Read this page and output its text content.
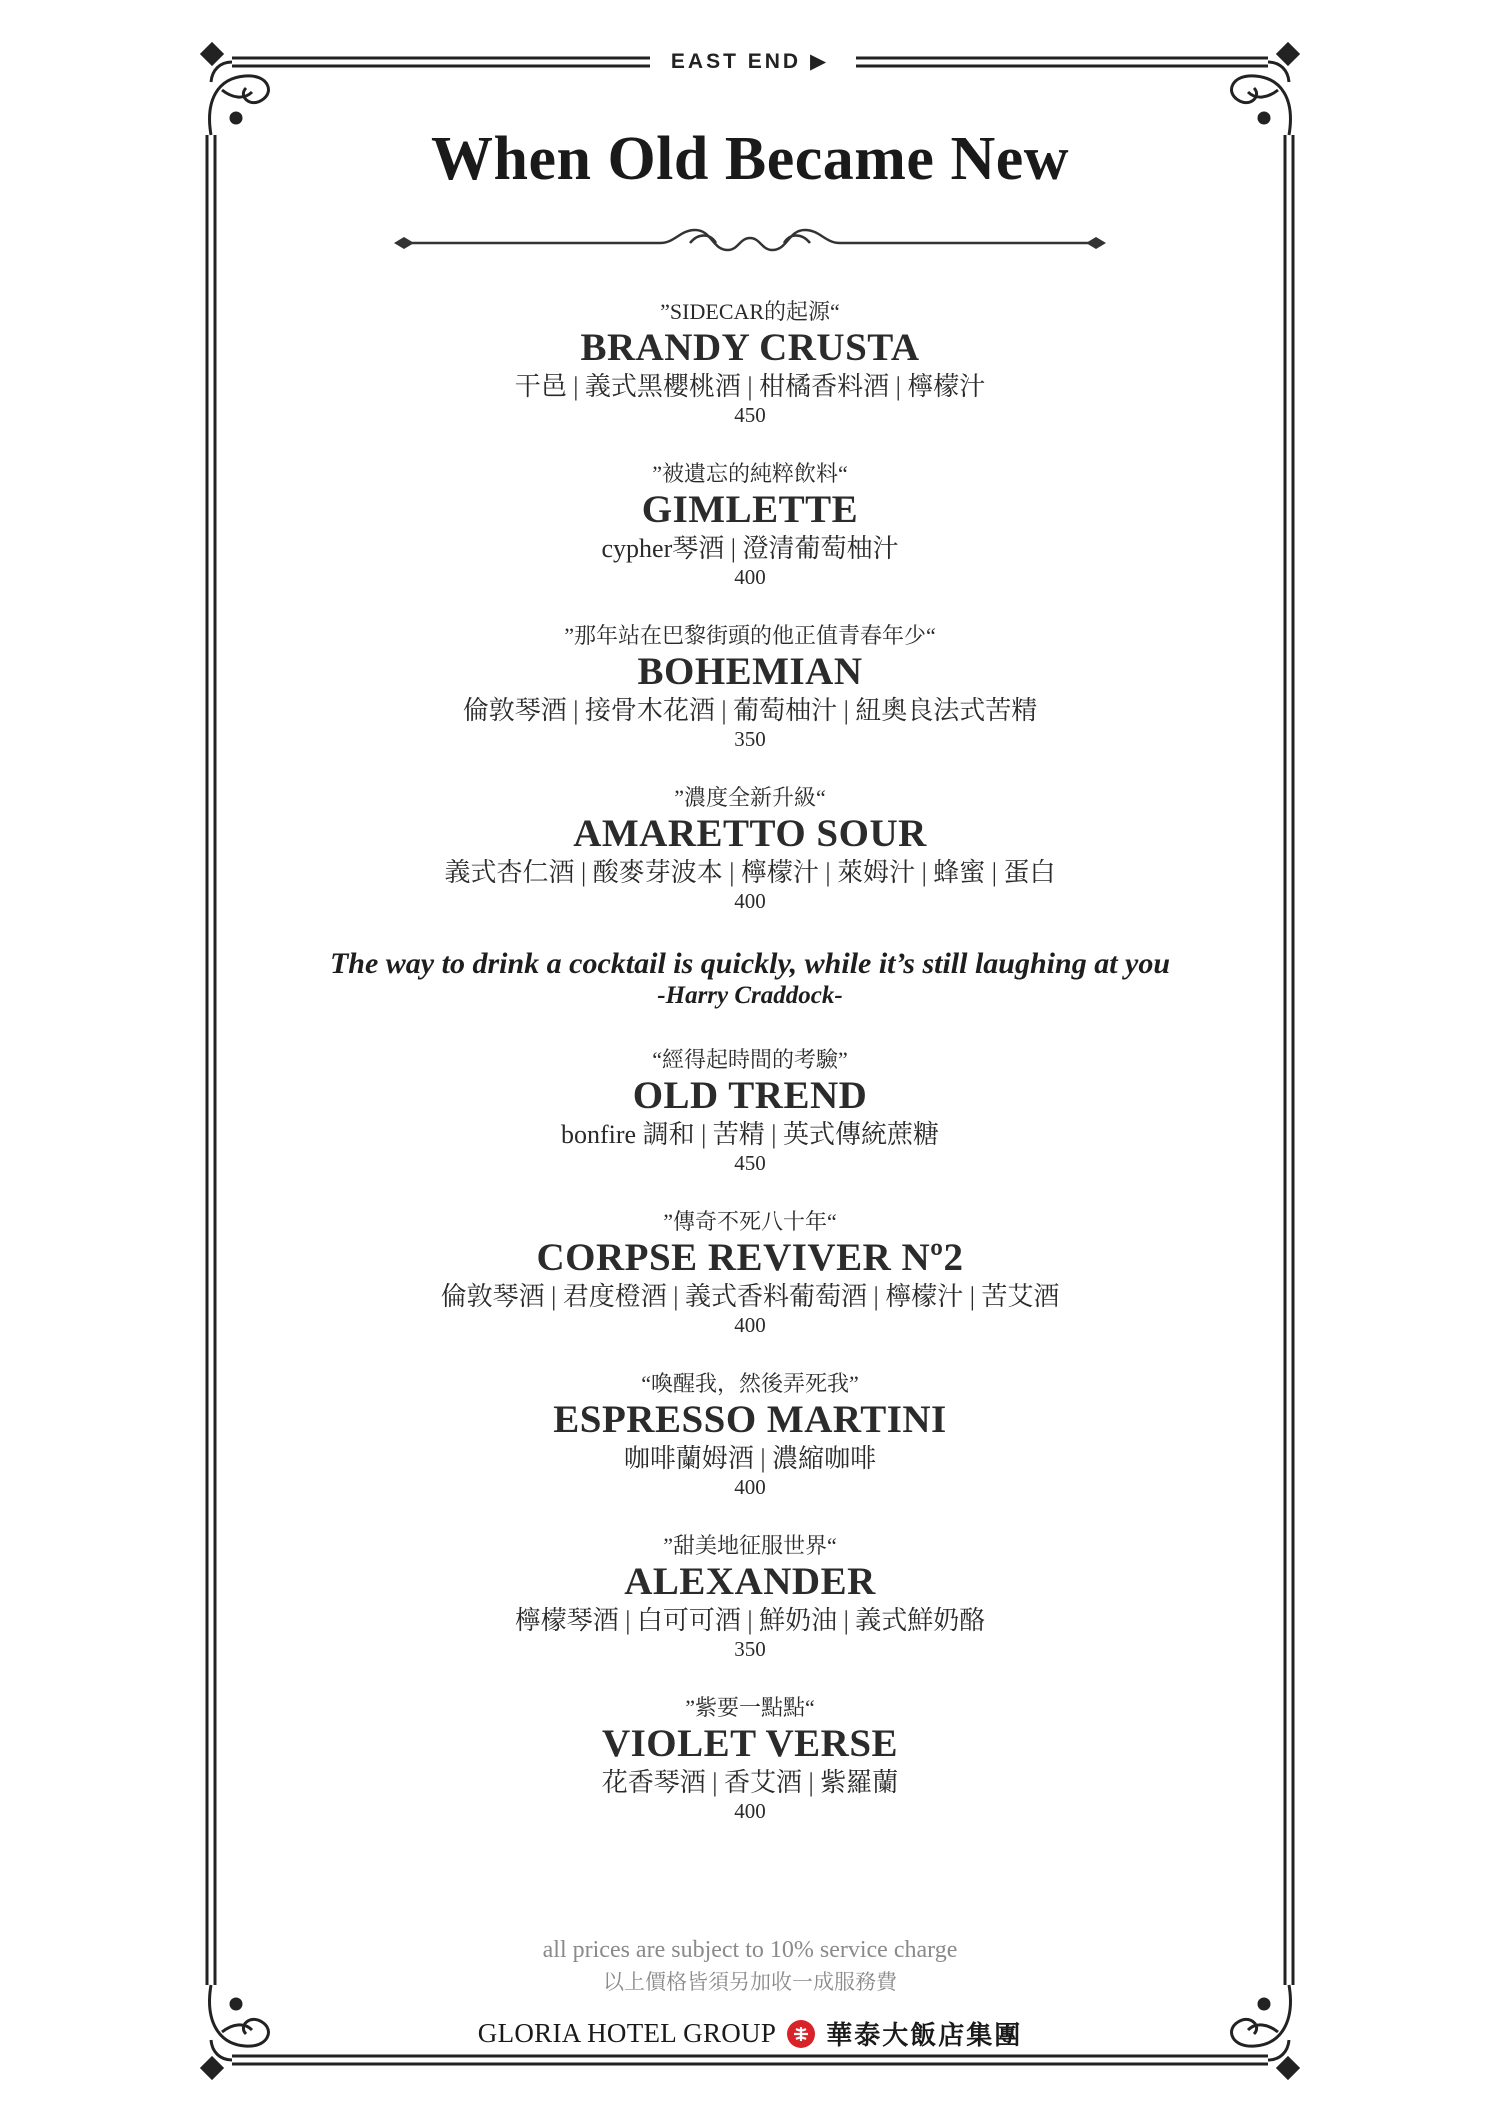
EAST END ▶
When Old Became New
”SIDECAR的起源“
BRANDY CRUSTA
干邑 | 義式黑櫻桃酒 | 柑橘香料酒 | 檸檬汁
450
”被遺忘的純粹飲料“
GIMLETTE
cypher琴酒 | 澄清葡萄柚汁
400
”那年站在巴黎街頭的他正值青春年少“
BOHEMIAN
倫敦琴酒 | 接骨木花酒 | 葡萄柚汁 | 紐奧良法式苦精
350
”濃度全新升級“
AMARETTO SOUR
義式杏仁酒 | 酸麥芽波本 | 檸檬汁 | 萊姆汁 | 蜂蜜 | 蛋白
400
The way to drink a cocktail is quickly, while it’s still laughing at you
-Harry Craddock-
“經得起時間的考驗”
OLD TREND
bonfire 調和 | 苦精 | 英式傳統蔗糖
450
”傳奇不死八十年“
CORPSE REVIVER Nº2
倫敦琴酒 | 君度橙酒 | 義式香料葡萄酒 | 檸檬汁 | 苦艾酒
400
“喚醒我，然後弄死我”
ESPRESSO MARTINI
咖啡蘭姆酒 | 濃縮咖啡
400
”甜美地征服世界“
ALEXANDER
檸檬琴酒 | 白可可酒 | 鮮奶油 | 義式鮮奶酪
350
”紫要一點點“
VIOLET VERSE
花香琴酒 | 香艾酒 | 紫羅蘭
400
all prices are subject to 10% service charge
以上價格皆須另加收一成服務費
GLORIA HOTEL GROUP 華泰大飯店集團
